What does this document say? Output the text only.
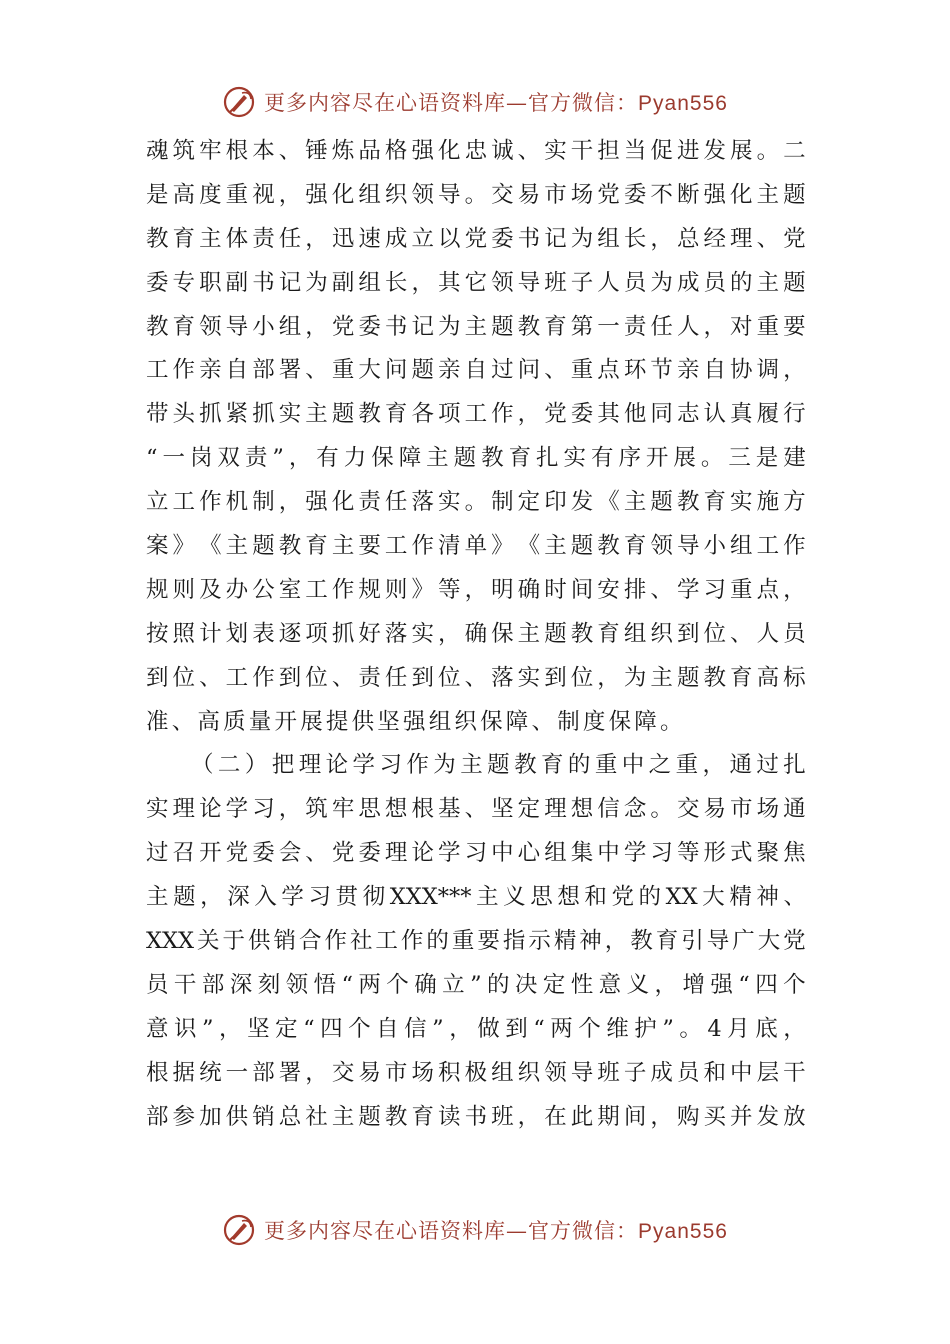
更多内容尽在心语资料库—官方微信：Pyan556
魂 筑 牢 根 本 、 锤 炼 品 格 强 化 忠 诚 、 实 干 担 当 促 进 发 展 。 二
是 高 度 重 视 ， 强 化 组 织 领 导 。 交 易 市 场 党 委 不 断 强 化 主 题
教 育 主 体 责 任 ， 迅 速 成 立 以 党 委 书 记 为 组 长 ， 总 经 理 、 党
委 专 职 副 书 记 为 副 组 长 ， 其 它 领 导 班 子 人 员 为 成 员 的 主 题
教 育 领 导 小 组 ， 党 委 书 记 为 主 题 教 育 第 一 责 任 人 ， 对 重 要
工 作 亲 自 部 署 、 重 大 问 题 亲 自 过 问 、 重 点 环 节 亲 自 协 调 ，
带 头 抓 紧 抓 实 主 题 教 育 各 项 工 作 ， 党 委 其 他 同 志 认 真 履 行
“ 一 岗 双 责 ” ， 有 力 保 障 主 题 教 育 扎 实 有 序 开 展 。 三 是 建
立 工 作 机 制 ， 强 化 责 任 落 实 。 制 定 印 发 《 主 题 教 育 实 施 方
案 》 《 主 题 教 育 主 要 工 作 清 单 》 《 主 题 教 育 领 导 小 组 工 作
规 则 及 办 公 室 工 作 规 则 》 等 ， 明 确 时 间 安 排 、 学 习 重 点 ，
按 照 计 划 表 逐 项 抓 好 落 实 ， 确 保 主 题 教 育 组 织 到 位 、 人 员
到 位 、 工 作 到 位 、 责 任 到 位 、 落 实 到 位 ， 为 主 题 教 育 高 标
准、高质量开展提供坚强组织保障、制度保障。
（ 二 ） 把 理 论 学 习 作 为 主 题 教 育 的 重 中 之 重 ， 通 过 扎
实 理 论 学 习 ， 筑 牢 思 想 根 基 、 坚 定 理 想 信 念 。 交 易 市 场 通
过 召 开 党 委 会 、 党 委 理 论 学 习 中 心 组 集 中 学 习 等 形 式 聚 焦
主 题 ， 深 入 学 习 贯 彻 XXX*** 主 义 思 想 和 党 的 XX 大 精 神 、
XXX 关 于 供 销 合 作 社 工 作 的 重 要 指 示 精 神 ， 教 育 引 导 广 大 党
员 干 部 深 刻 领 悟 “ 两 个 确 立 ” 的 决 定 性 意 义 ， 增 强 “ 四 个
意 识 ” ， 坚 定 “ 四 个 自 信 ” ， 做 到 “ 两 个 维 护 ” 。 4 月 底 ，
根 据 统 一 部 署 ， 交 易 市 场 积 极 组 织 领 导 班 子 成 员 和 中 层 干
部 参 加 供 销 总 社 主 题 教 育 读 书 班 ， 在 此 期 间 ， 购 买 并 发 放
更多内容尽在心语资料库—官方微信：Pyan556
